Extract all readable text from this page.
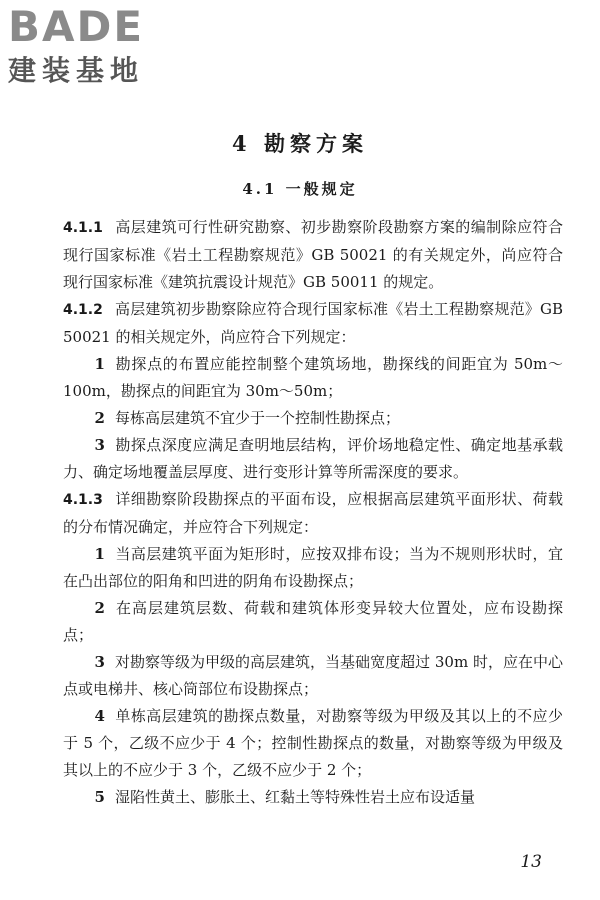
BADE
建装基地
4 勘察方案
4.1 一般规定

4.1.1 高层建筑可行性研究勘察、初步勘察阶段勘察方案的编制除应符合现行国家标准《岩土工程勘察规范》GB 50021 的有关规定外，尚应符合现行国家标准《建筑抗震设计规范》GB 50011 的规定。

4.1.2 高层建筑初步勘察除应符合现行国家标准《岩土工程勘察规范》GB 50021 的相关规定外，尚应符合下列规定：

1 勘探点的布置应能控制整个建筑场地，勘探线的间距宜为 50m～100m，勘探点的间距宜为 30m～50m；

2 每栋高层建筑不宜少于一个控制性勘探点；

3 勘探点深度应满足查明地层结构，评价场地稳定性、确定地基承载力、确定场地覆盖层厚度、进行变形计算等所需深度的要求。

4.1.3 详细勘察阶段勘探点的平面布设，应根据高层建筑平面形状、荷载的分布情况确定，并应符合下列规定：

1 当高层建筑平面为矩形时，应按双排布设；当为不规则形状时，宜在凸出部位的阳角和凹进的阴角布设勘探点；

2 在高层建筑层数、荷载和建筑体形变异较大位置处，应布设勘探点；

3 对勘察等级为甲级的高层建筑，当基础宽度超过 30m 时，应在中心点或电梯井、核心筒部位布设勘探点；

4 单栋高层建筑的勘探点数量，对勘察等级为甲级及其以上的不应少于 5 个，乙级不应少于 4 个；控制性勘探点的数量，对勘察等级为甲级及其以上的不应少于 3 个，乙级不应少于 2 个；

5 湿陷性黄土、膨胀土、红黏土等特殊性岩土应布设适量

13
